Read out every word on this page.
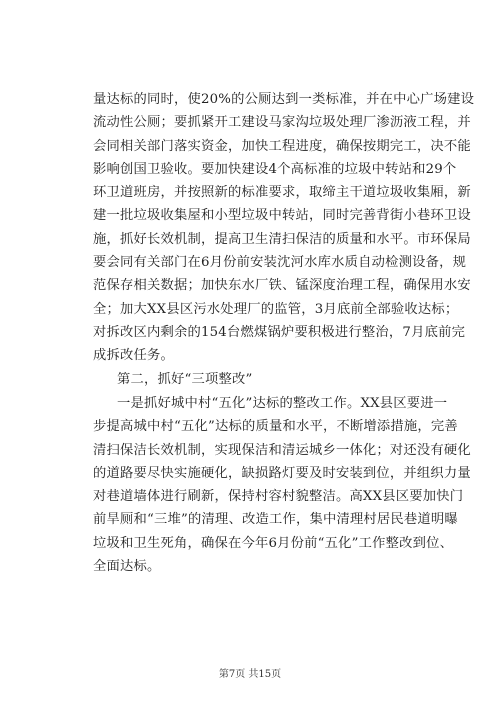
量达标的同时，使20%的公厕达到一类标准，并在中心广场建设
流动性公厕；要抓紧开工建设马家沟垃圾处理厂渗沥液工程，并
会同相关部门落实资金，加快工程进度，确保按期完工，决不能
影响创国卫验收。要加快建设4个高标准的垃圾中转站和29个
环卫道班房，并按照新的标准要求，取缔主干道垃圾收集厢，新
建一批垃圾收集屋和小型垃圾中转站，同时完善背街小巷环卫设
施，抓好长效机制，提高卫生清扫保洁的质量和水平。市环保局
要会同有关部门在6月份前安装沈河水库水质自动检测设备，规
范保存相关数据；加快东水厂铁、锰深度治理工程，确保用水安
全；加大XX县区污水处理厂的监管，3月底前全部验收达标；
对拆改区内剩余的154台燃煤锅炉要积极进行整治，7月底前完
成拆改任务。
第二，抓好“三项整改”
一是抓好城中村“五化”达标的整改工作。XX县区要进一
步提高城中村“五化”达标的质量和水平，不断增添措施，完善
清扫保洁长效机制，实现保洁和清运城乡一体化；对还没有硬化
的道路要尽快实施硬化，缺损路灯要及时安装到位，并组织力量
对巷道墙体进行刷新，保持村容村貌整洁。高XX县区要加快门
前旱厕和“三堆”的清理、改造工作，集中清理村居民巷道明曝
垃圾和卫生死角，确保在今年6月份前“五化”工作整改到位、
全面达标。
第7页 共15页
